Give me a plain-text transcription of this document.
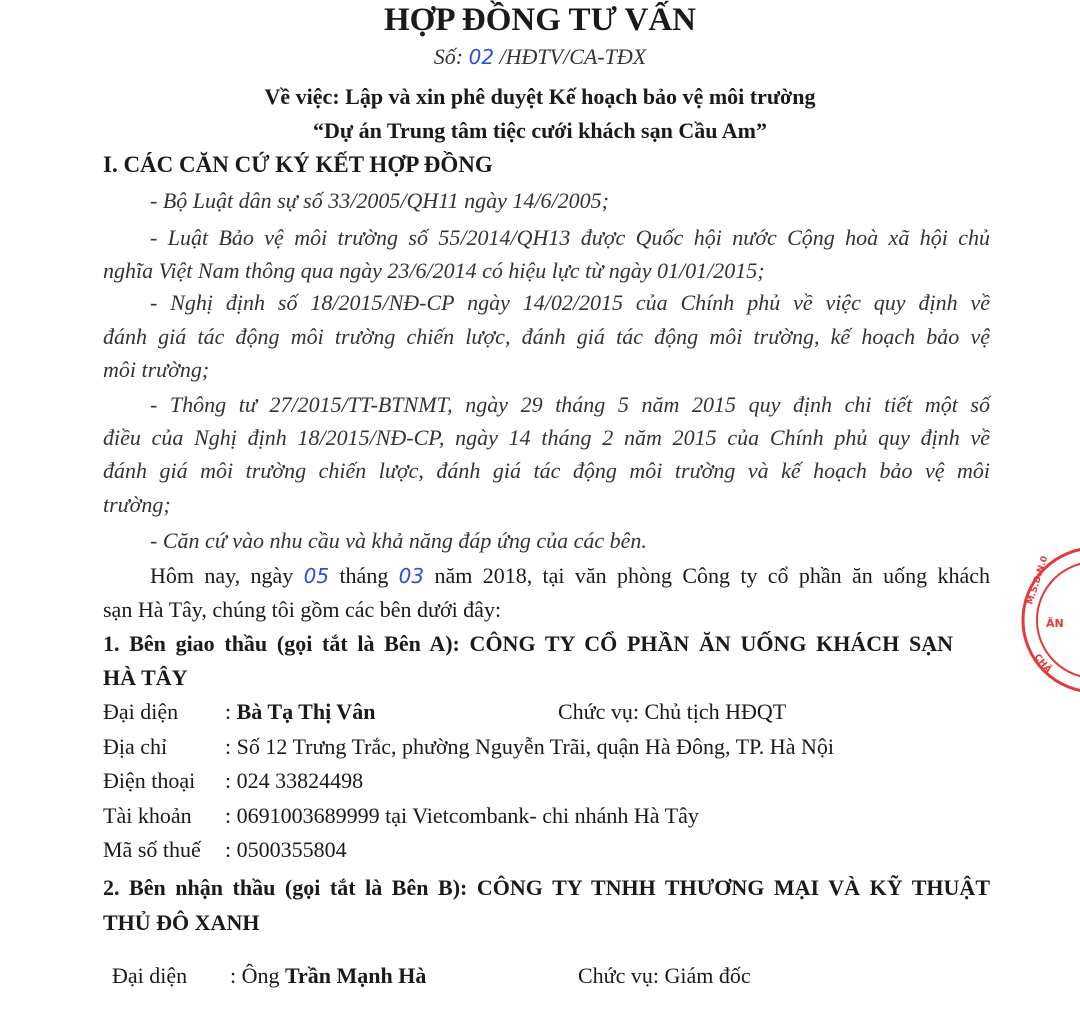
HỢP ĐỒNG TƯ VẤN
Số: 02 /HĐTV/CA-TĐX
Về việc: Lập và xin phê duyệt Kế hoạch bảo vệ môi trường
“Dự án Trung tâm tiệc cưới khách sạn Cầu Am”
I. CÁC CĂN CỨ KÝ KẾT HỢP ĐỒNG
- Bộ Luật dân sự số 33/2005/QH11 ngày 14/6/2005;
- Luật Bảo vệ môi trường số 55/2014/QH13 được Quốc hội nước Cộng hoà xã hội chủ
nghĩa Việt Nam thông qua ngày 23/6/2014 có hiệu lực từ ngày 01/01/2015;
- Nghị định số 18/2015/NĐ-CP ngày 14/02/2015 của Chính phủ về việc quy định về
đánh giá tác động môi trường chiến lược, đánh giá tác động môi trường, kế hoạch bảo vệ
môi trường;
- Thông tư 27/2015/TT-BTNMT, ngày 29 tháng 5 năm 2015 quy định chi tiết một số
điều của Nghị định 18/2015/NĐ-CP, ngày 14 tháng 2 năm 2015 của Chính phủ quy định về
đánh giá môi trường chiến lược, đánh giá tác động môi trường và kế hoạch bảo vệ môi
trường;
- Căn cứ vào nhu cầu và khả năng đáp ứng của các bên.
Hôm nay, ngày 05 tháng 03 năm 2018, tại văn phòng Công ty cổ phần ăn uống khách
sạn Hà Tây, chúng tôi gồm các bên dưới đây:
1. Bên giao thầu (gọi tắt là Bên A): CÔNG TY CỔ PHẦN ĂN UỐNG KHÁCH SẠN
HÀ TÂY
Đại diện : Bà Tạ Thị Vân	Chức vụ: Chủ tịch HĐQT
Địa chỉ	: Số 12 Trưng Trắc, phường Nguyễn Trãi, quận Hà Đông, TP. Hà Nội
Điện thoại : 024 33824498
Tài khoản : 0691003689999 tại Vietcombank- chi nhánh Hà Tây
Mã số thuế : 0500355804
2. Bên nhận thầu (gọi tắt là Bên B): CÔNG TY TNHH THƯƠNG MẠI VÀ KỸ THUẬT
THỦ ĐÔ XANH
Đại diện : Ông Trần Mạnh Hà	Chức vụ: Giám đốc
M.S.D.N.0
ĂN
CHÂ
